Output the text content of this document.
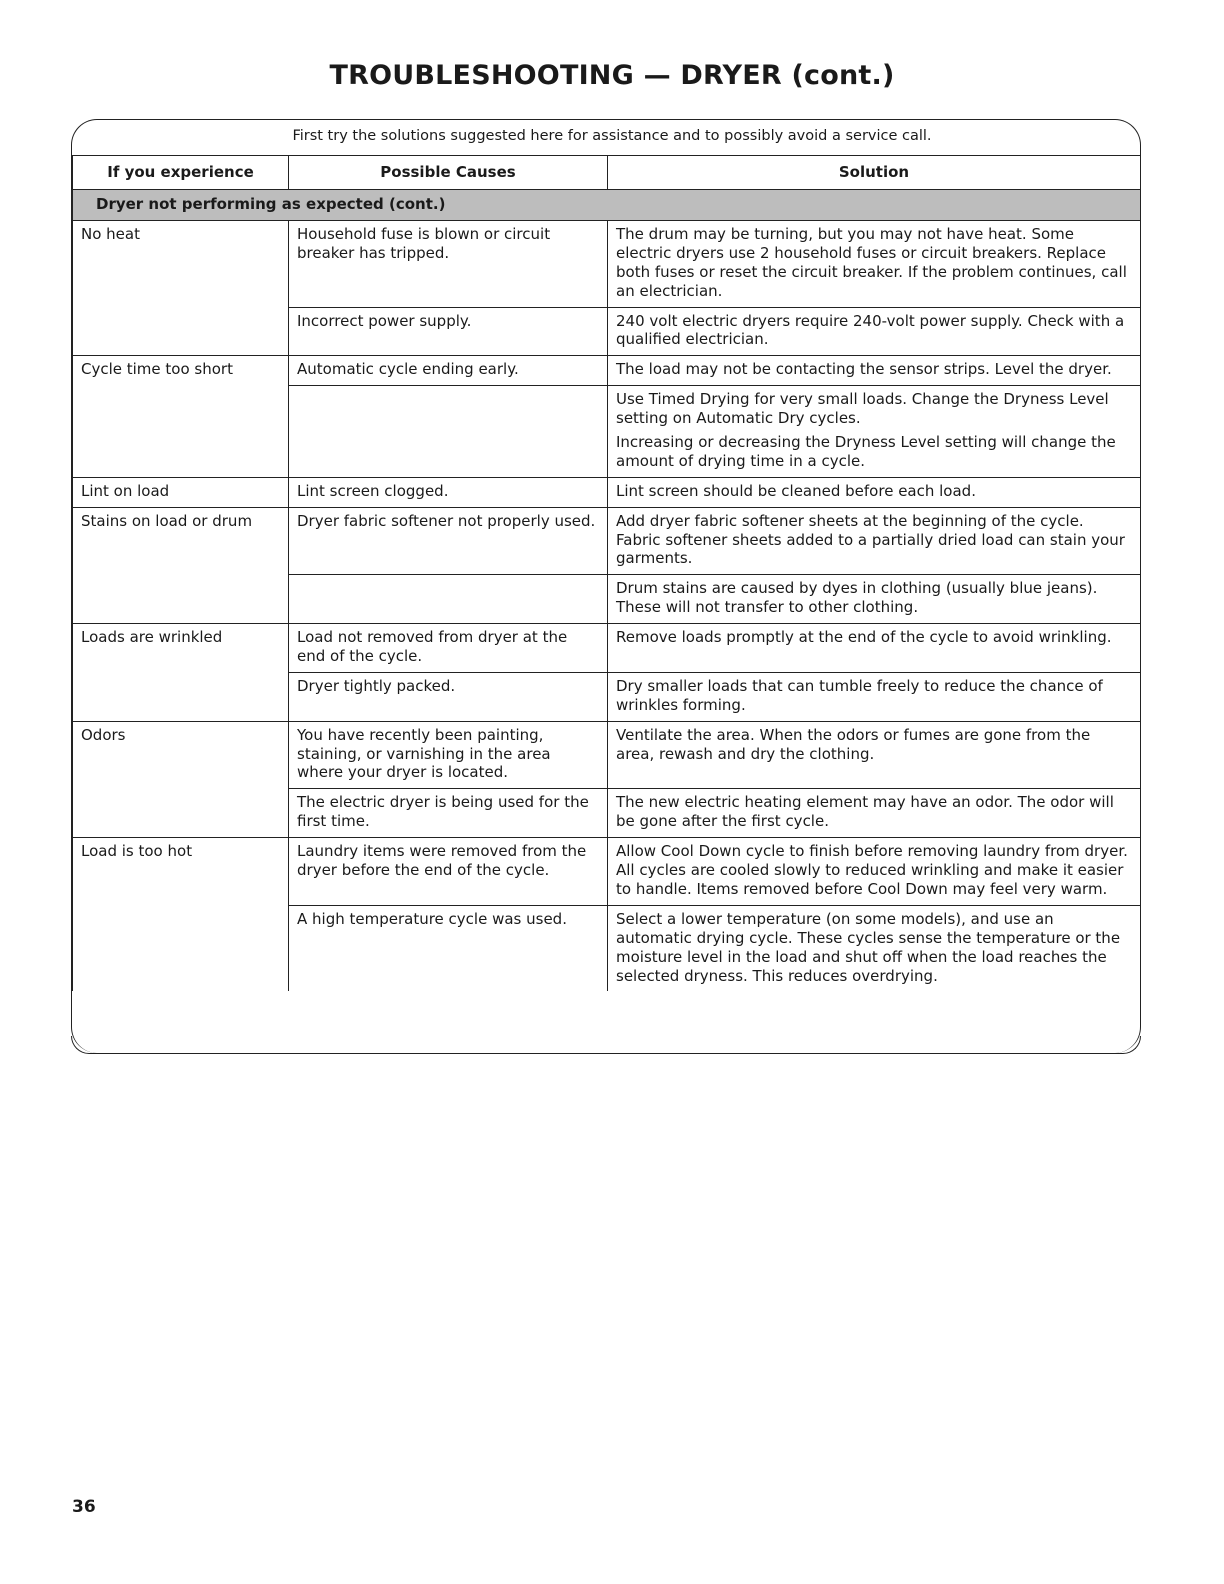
TROUBLESHOOTING — DRYER (cont.)
First try the solutions suggested here for assistance and to possibly avoid a service call.
If you experience	Possible Causes	Solution
Dryer not performing as expected (cont.)		
No heat	Household fuse is blown or circuit breaker has tripped.	The drum may be turning, but you may not have heat. Some electric dryers use 2 household fuses or circuit breakers. Replace both fuses or reset the circuit breaker. If the problem continues, call an electrician.

	Incorrect power supply.	240 volt electric dryers require 240-volt power supply. Check with a qualified electrician.

Cycle time too short	Automatic cycle ending early.	The load may not be contacting the sensor strips. Level the dryer.

		Use Timed Drying for very small loads. Change the Dryness Level setting on Automatic Dry cycles.

Increasing or decreasing the Dryness Level setting will change the amount of drying time in a cycle.

Lint on load	Lint screen clogged.	Lint screen should be cleaned before each load.

Stains on load or drum	Dryer fabric softener not properly used.	Add dryer fabric softener sheets at the beginning of the cycle. Fabric softener sheets added to a partially dried load can stain your garments.

		Drum stains are caused by dyes in clothing (usually blue jeans). These will not transfer to other clothing.

Loads are wrinkled	Load not removed from dryer at the end of the cycle.	Remove loads promptly at the end of the cycle to avoid wrinkling.

	Dryer tightly packed.	Dry smaller loads that can tumble freely to reduce the chance of wrinkles forming.

Odors	You have recently been painting, staining, or varnishing in the area where your dryer is located.	Ventilate the area. When the odors or fumes are gone from the area, rewash and dry the clothing.

	The electric dryer is being used for the first time.	The new electric heating element may have an odor. The odor will be gone after the first cycle.

Load is too hot	Laundry items were removed from the dryer before the end of the cycle.	Allow Cool Down cycle to finish before removing laundry from dryer. All cycles are cooled slowly to reduced wrinkling and make it easier to handle. Items removed before Cool Down may feel very warm.

	A high temperature cycle was used.	Select a lower temperature (on some models), and use an automatic drying cycle. These cycles sense the temperature or the moisture level in the load and shut off when the load reaches the selected dryness. This reduces overdrying.

36
